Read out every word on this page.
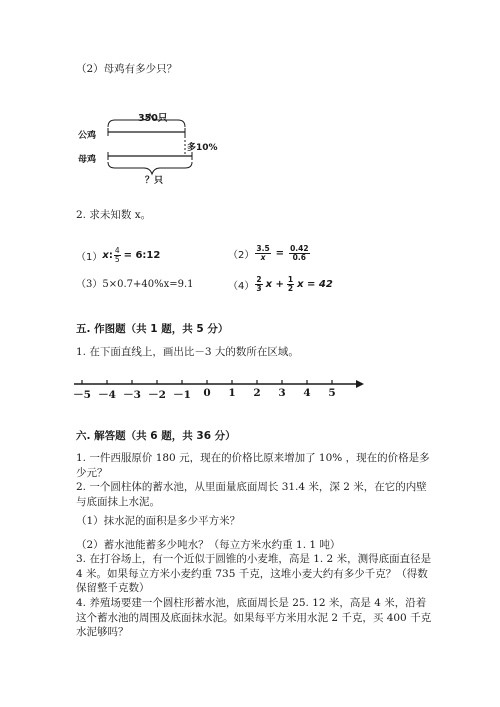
（2）母鸡有多少只？
350只
公鸡
多10%
母鸡
？只
2. 求未知数 x。
（1） x : $\frac{4}{5}$ = 6:12	$(2) \frac{3.5}{x} = \frac{0.42}{0.6}$
（3）5×0.7+40%x=9.1	$(4) \frac{2}{3}$ $x + \frac{1}{2}$ x = 42
五. 作图题（共 1 题，共 5 分）
1. 在下面直线上，画出比－3 大的数所在区域。
－5 －4 －3 －2 －1	0	1	2	3	4	5
六. 解答题（共 6 题，共 36 分）
1. 一件西服原价 180 元，现在的价格比原来增加了 10% ，现在的价格是多少元？
2. 一个圆柱体的蓄水池，从里面量底面周长 31.4 米，深 2 米，在它的内壁与底面抹上水泥。
（1）抹水泥的面积是多少平方米？
（2）蓄水池能蓄多少吨水？（每立方米水约重 1. 1 吨）
3. 在打谷场上，有一个近似于圆锥的小麦堆，高是 1. 2 米，测得底面直径是 4 米。如果每立方米小麦约重 735 千克，这堆小麦大约有多少千克？（得数保留整千克数）
4. 养殖场要建一个圆柱形蓄水池，底面周长是 25. 12 米，高是 4 米，沿着这个蓄水池的周围及底面抹水泥。如果每平方米用水泥 2 千克，买 400 千克水泥够吗？
